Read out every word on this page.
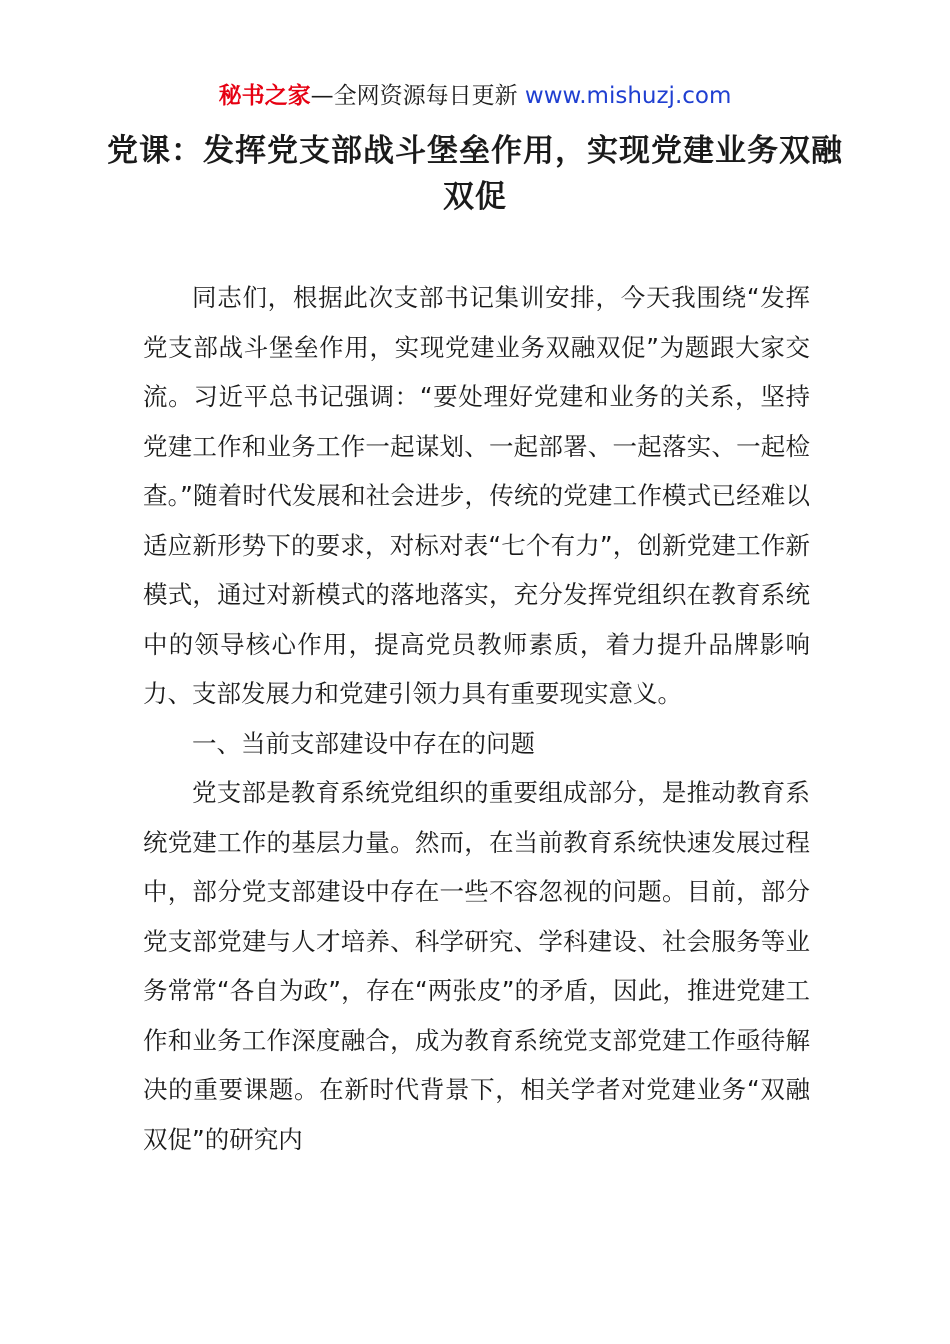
秘书之家—全网资源每日更新 www.mishuzj.com
党课：发挥党支部战斗堡垒作用，实现党建业务双融双促

同志们，根据此次支部书记集训安排，今天我围绕“发挥党支部战斗堡垒作用，实现党建业务双融双促”为题跟大家交流。习近平总书记强调：“要处理好党建和业务的关系，坚持党建工作和业务工作一起谋划、一起部署、一起落实、一起检查。”随着时代发展和社会进步，传统的党建工作模式已经难以适应新形势下的要求，对标对表“七个有力”，创新党建工作新模式，通过对新模式的落地落实，充分发挥党组织在教育系统中的领导核心作用，提高党员教师素质，着力提升品牌影响力、支部发展力和党建引领力具有重要现实意义。

一、当前支部建设中存在的问题

党支部是教育系统党组织的重要组成部分，是推动教育系统党建工作的基层力量。然而，在当前教育系统快速发展过程中，部分党支部建设中存在一些不容忽视的问题。目前，部分党支部党建与人才培养、科学研究、学科建设、社会服务等业务常常“各自为政”，存在“两张皮”的矛盾，因此，推进党建工作和业务工作深度融合，成为教育系统党支部党建工作亟待解决的重要课题。在新时代背景下，相关学者对党建业务“双融双促”的研究内
